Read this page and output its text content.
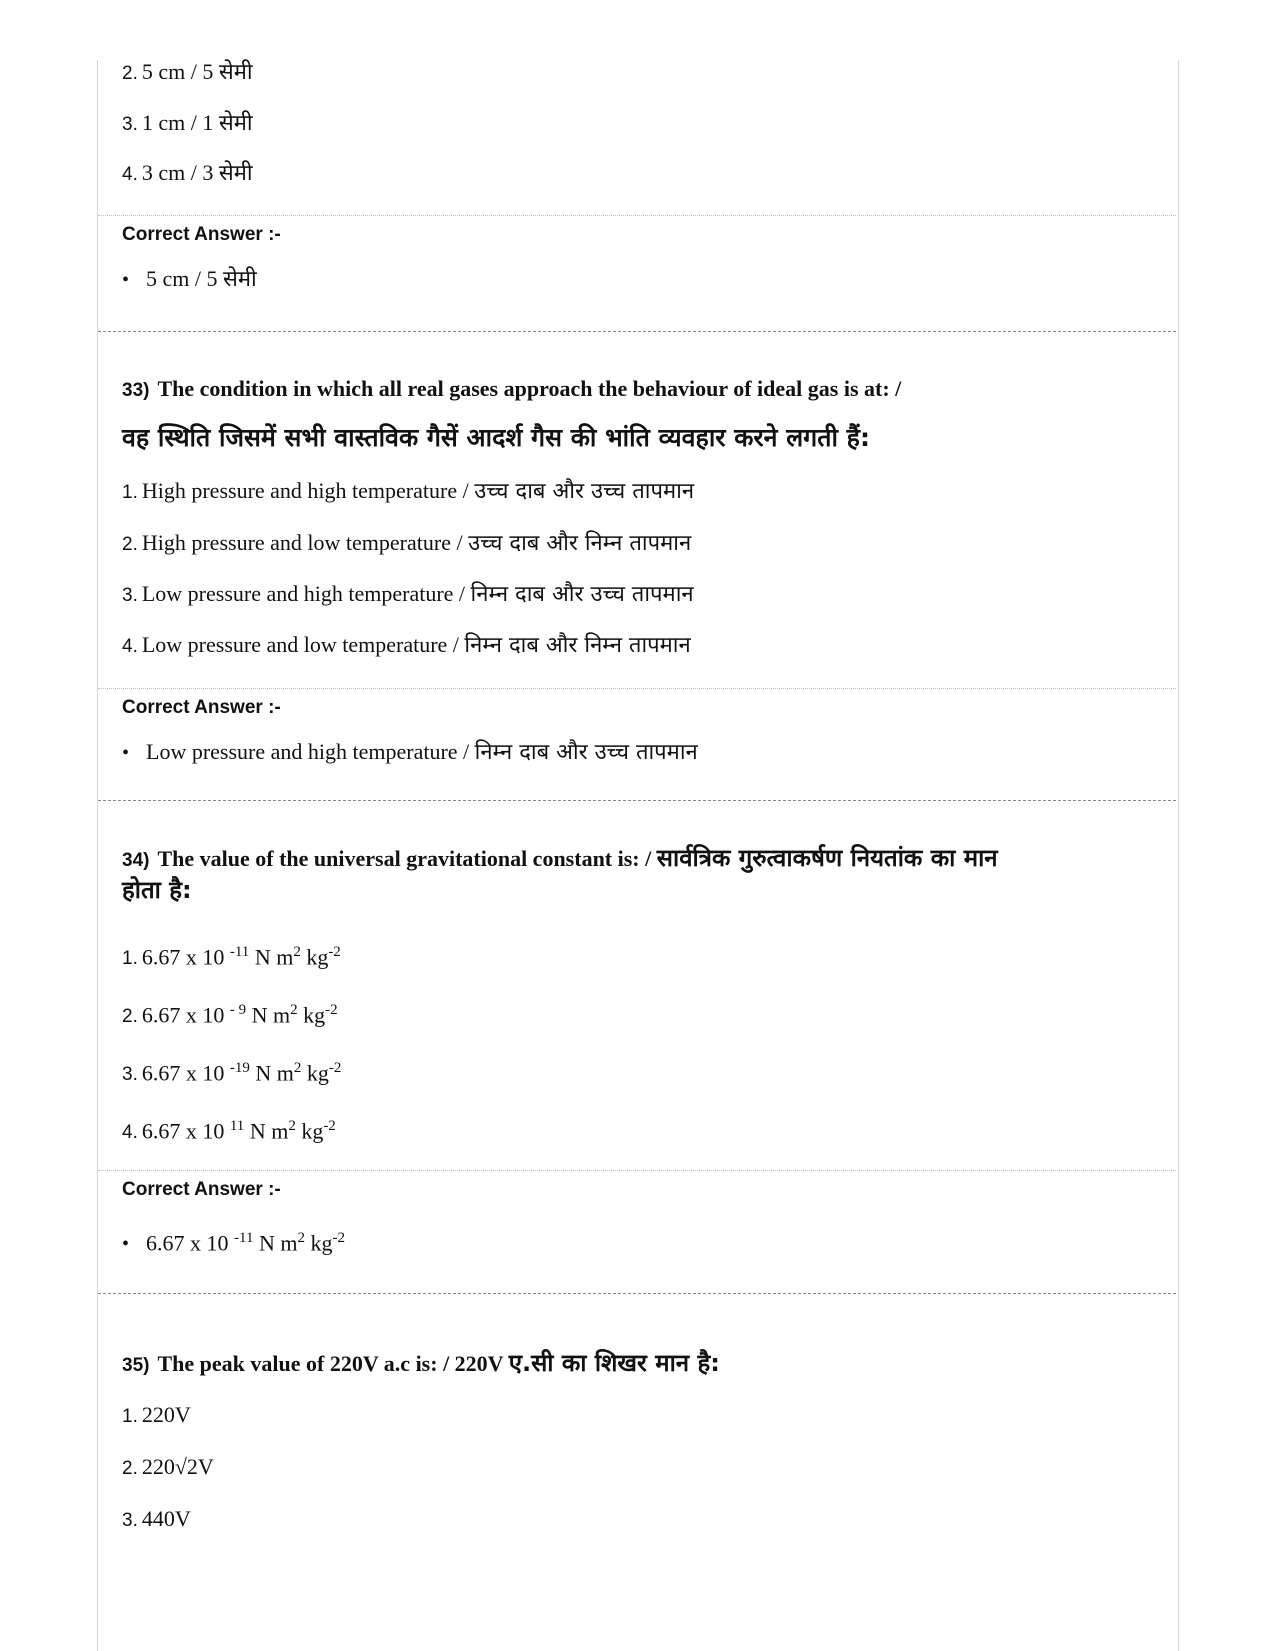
2. 5 cm / 5 सेमी
3. 1 cm / 1 सेमी
4. 3 cm / 3 सेमी
Correct Answer :-
• 5 cm / 5 सेमी
33) The condition in which all real gases approach the behaviour of ideal gas is at: /
वह स्थिति जिसमें सभी वास्तविक गैसें आदर्श गैस की भांति व्यवहार करने लगती हैं:
1. High pressure and high temperature / उच्च दाब और उच्च तापमान
2. High pressure and low temperature / उच्च दाब और निम्न तापमान
3. Low pressure and high temperature / निम्न दाब और उच्च तापमान
4. Low pressure and low temperature / निम्न दाब और निम्न तापमान
Correct Answer :-
• Low pressure and high temperature / निम्न दाब और उच्च तापमान
34) The value of the universal gravitational constant is: / सार्वत्रिक गुरुत्वाकर्षण नियतांक का मान
होता है:
1. 6.67 x 10 $^{-11}$ N $m^2$ $kg^{-2}$
2. 6.67 x 10 $^{- 9}$ N $m^2$ $kg^{-2}$
3. 6.67 x 10 $^{-19}$ N $m^2$ $kg^{-2}$
4. 6.67 x 10 $^{11}$ N $m^2$ $kg^{-2}$
Correct Answer :-
• 6.67 x 10 $^{-11}$ N $m^2$ $kg^{-2}$
35) The peak value of 220V a.c is: / 220V ए.सी का शिखर मान है:
1. 220V
2. 220√2V
3. 440V
